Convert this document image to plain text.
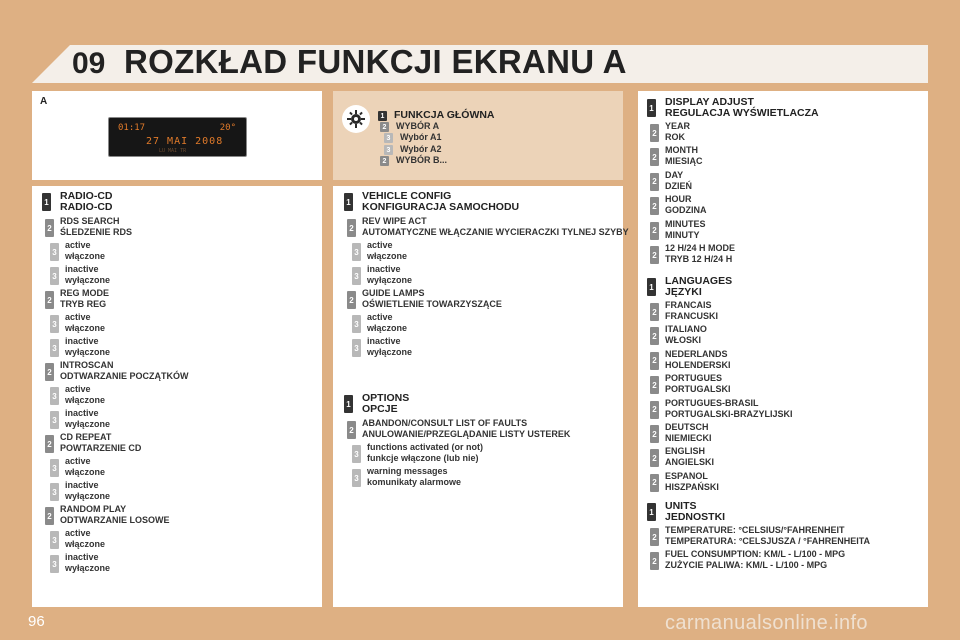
09 ROZKŁAD FUNKCJI EKRANU A
A
01:17	20°
27 MAI 2008
LU MAI TR
1 FUNKCJA GŁÓWNA
2 WYBÓR A
3 Wybór A1
3 Wybór A2
2 WYBÓR B...
1 RADIO-CD
RADIO-CD
2
RDS SEARCH
ŚLEDZENIE RDS
3
active
włączone
3
inactive
wyłączone
2
REG MODE
TRYB REG
3
active
włączone
3
inactive
wyłączone
2
INTROSCAN
ODTWARZANIE POCZĄTKÓW
3
active
włączone
3
inactive
wyłączone
2
CD REPEAT
POWTARZENIE CD
3
active
włączone
3
inactive
wyłączone
2
RANDOM PLAY
ODTWARZANIE LOSOWE
3
active
włączone
3
inactive
wyłączone
1 VEHICLE CONFIG
KONFIGURACJA SAMOCHODU
2
REV WIPE ACT
AUTOMATYCZNE WŁĄCZANIE WYCIERACZKI TYLNEJ SZYBY
3
active
włączone
3
inactive
wyłączone
2
GUIDE LAMPS
OŚWIETLENIE TOWARZYSZĄCE
3
active
włączone
3
inactive
wyłączone
1 OPTIONS
OPCJE
2
ABANDON/CONSULT LIST OF FAULTS
ANULOWANIE/PRZEGLĄDANIE LISTY USTEREK
3
functions activated (or not)
funkcje włączone (lub nie)
3
warning messages
komunikaty alarmowe
1 DISPLAY ADJUST
REGULACJA WYŚWIETLACZA
2
YEAR
ROK
2
MONTH
MIESIĄC
2
DAY
DZIEŃ
2
HOUR
GODZINA
2
MINUTES
MINUTY
2
12 H/24 H MODE
TRYB 12 H/24 H
1 LANGUAGES
JĘZYKI
2
FRANCAIS
FRANCUSKI
2
ITALIANO
WŁOSKI
2
NEDERLANDS
HOLENDERSKI
2
PORTUGUES
PORTUGALSKI
2
PORTUGUES-BRASIL
PORTUGALSKI-BRAZYLIJSKI
2
DEUTSCH
NIEMIECKI
2
ENGLISH
ANGIELSKI
2
ESPANOL
HISZPAŃSKI
1 UNITS
JEDNOSTKI
2
TEMPERATURE: °CELSIUS/°FAHRENHEIT
TEMPERATURA: °CELSJUSZA / °FAHRENHEITA
2
FUEL CONSUMPTION: KM/L - L/100 - MPG
ZUŻYCIE PALIWA: KM/L - L/100 - MPG
96	carmanualsonline.info
